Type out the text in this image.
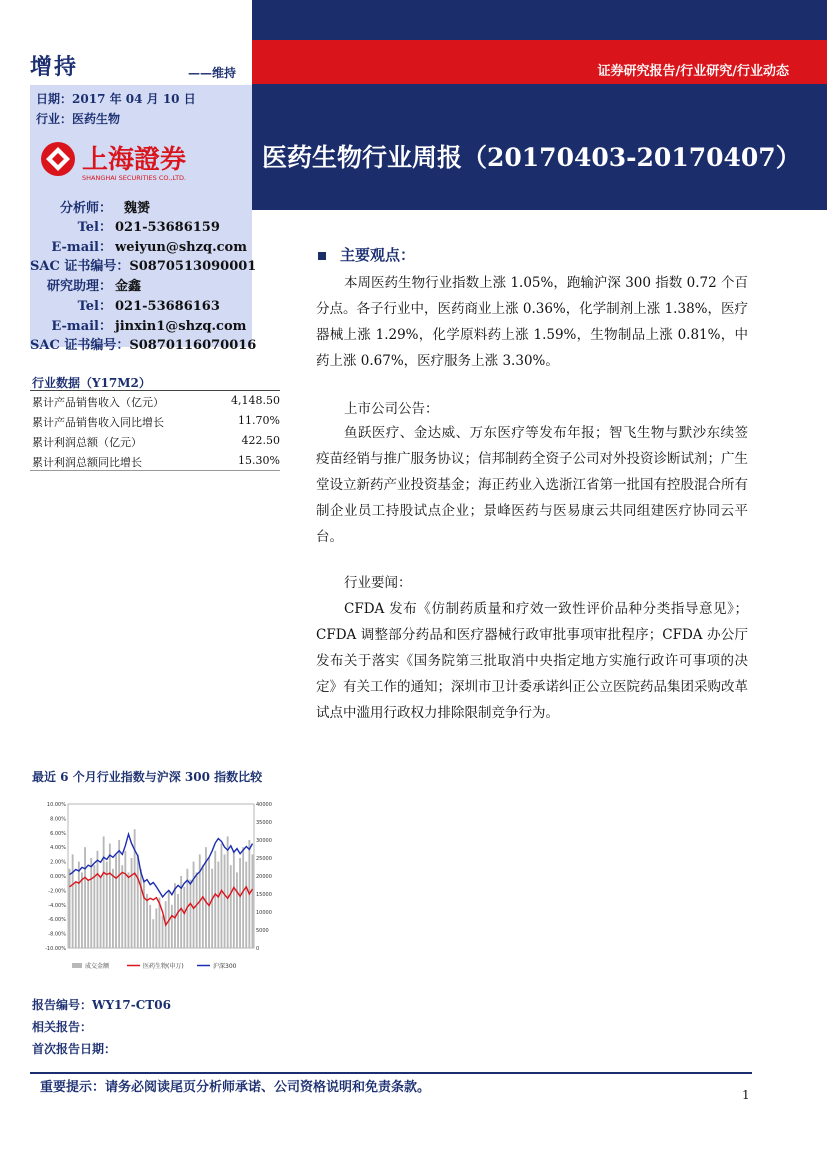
增持	——维持	证券研究报告/行业研究/行业动态
医药生物行业周报（20170403-20170407）
日期：2017 年 04 月 10 日
行业：医药生物
上海證券
SHANGHAI SECURITIES CO.,LTD.
分析师： 魏赟
Tel： 021-53686159
E-mail： weiyun@shzq.com
SAC 证书编号：S0870513090001
研究助理： 金鑫
Tel： 021-53686163
E-mail： jinxin1@shzq.com
SAC 证书编号：S0870116070016
行业数据（Y17M2）
累计产品销售收入（亿元）	4,148.50
累计产品销售收入同比增长	11.70%
累计利润总额（亿元）	422.50
累计利润总额同比增长	15.30%
最近 6 个月行业指数与沪深 300 指数比较
10.00%
8.00%
6.00%
4.00%
2.00%
0.00%
-2.00%
-4.00%
-6.00%
-8.00%
-10.00%
40000
35000
30000
25000
20000
15000
10000
5000
0
成交金额	医药生物(申万)	沪深300
报告编号：WY17-CT06
相关报告：
首次报告日期：
主要观点：
本周医药生物行业指数上涨 1.05%，跑输沪深 300 指数 0.72 个百分点。各子行业中，医药商业上涨 0.36%，化学制剂上涨 1.38%，医疗器械上涨 1.29%，化学原料药上涨 1.59%，生物制品上涨 0.81%，中药上涨 0.67%，医疗服务上涨 3.30%。
上市公司公告：
鱼跃医疗、金达威、万东医疗等发布年报；智飞生物与默沙东续签疫苗经销与推广服务协议；信邦制药全资子公司对外投资诊断试剂；广生堂设立新药产业投资基金；海正药业入选浙江省第一批国有控股混合所有制企业员工持股试点企业；景峰医药与医易康云共同组建医疗协同云平台。
行业要闻：
CFDA 发布《仿制药质量和疗效一致性评价品种分类指导意见》；CFDA 调整部分药品和医疗器械行政审批事项审批程序；CFDA 办公厅发布关于落实《国务院第三批取消中央指定地方实施行政许可事项的决定》有关工作的通知；深圳市卫计委承诺纠正公立医院药品集团采购改革试点中滥用行政权力排除限制竞争行为。
重要提示：请务必阅读尾页分析师承诺、公司资格说明和免责条款。	1
